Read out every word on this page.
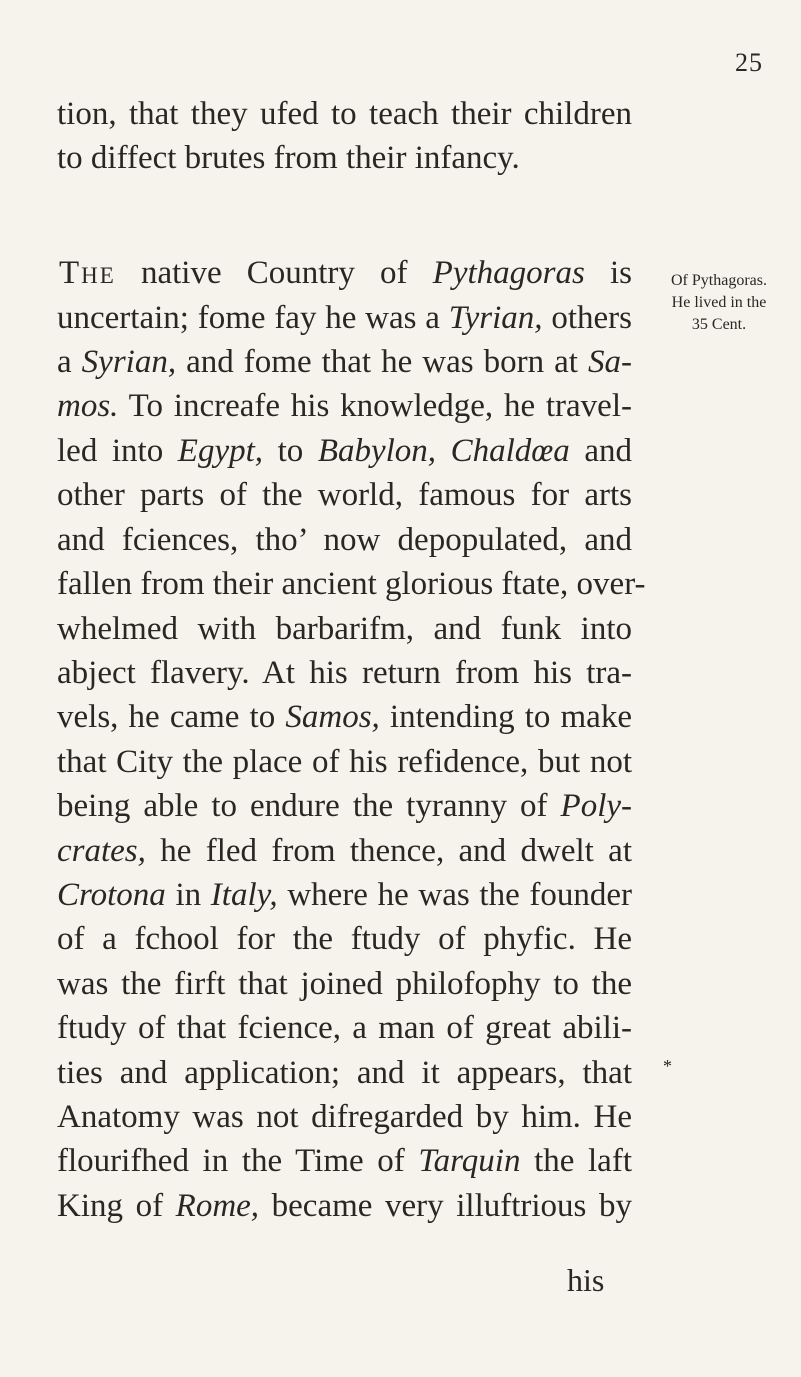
25
tion, that they ufed to teach their children
to diffect brutes from their infancy.
The native Country of Pythagoras is
uncertain; fome fay he was a Tyrian, others
a Syrian, and fome that he was born at Sa-
mos. To increafe his knowledge, he travel-
led into Egypt, to Babylon, Chaldœa and
other parts of the world, famous for arts
and fciences, tho’ now depopulated, and
fallen from their ancient glorious ftate, over-
whelmed with barbarifm, and funk into
abject flavery. At his return from his tra-
vels, he came to Samos, intending to make
that City the place of his refidence, but not
being able to endure the tyranny of Poly-
crates, he fled from thence, and dwelt at
Crotona in Italy, where he was the founder
of a fchool for the ftudy of phyfic. He
was the firft that joined philofophy to the
ftudy of that fcience, a man of great abili-
ties and application; and it appears, that
Anatomy was not difregarded by him. He
flourifhed in the Time of Tarquin the laft
King of Rome, became very illuftrious by
his
Of Pythagoras.
He lived in the
35 Cent.
*
